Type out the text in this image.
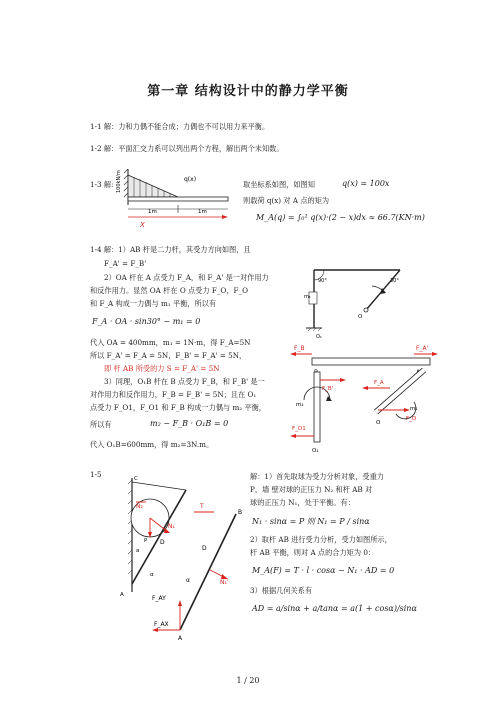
第一章 结构设计中的静力学平衡
1-1 解：力和力偶不能合成；力偶也不可以用力来平衡。
1-2 解：平面汇交力系可以列出两个方程，解出两个未知数。
1-3 解: 100kN/m	q(x)
1m	1m
X
取坐标系如图，如图知	q(x) = 100x
则载荷 q(x) 对 A 点的矩为
M_A(q) = ∫₀¹ q(x)·(2 − x)dx ≈ 66.7(KN·m)
1-4 解：1）AB 杆是二力杆，其受力方向如图，且
F_A' = F_B'
2）OA 杆在 A 点受力 F_A，和 F_A' 是一对作用力
和反作用力。显然 OA 杆在 O 点受力 F_O，F_O
和 F_A 构成一力偶与 m₁ 平衡，所以有
F_A · OA · sin30° − m₁ = 0
代入 OA = 400mm，m₁ = 1N·m，得 F_A=5N
所以 F_A' = F_A = 5N，F_B' = F_A' = 5N，
即 杆 AB 所受的力 S = F_A' = 5N
3）同理，O₁B 杆在 B 点受力 F_B，和 F_B' 是一
对作用力和反作用力，F_B = F_B' = 5N；且在 O₁
点受力 F_O1，F_O1 和 F_B 构成一力偶与 m₂ 平衡，
所以有	m₂ − F_B · O₁B = 0
代入 O₁B=600mm，得 m₂=3N.m。
90°	30°
O
m₁
O₁
F_B	F_A'
m₂
F_B'
F_O1
O₁
F_A
F_O
m₁
O
1-5	C
N₂
N₁
P D
a
T
α
A
B
D
α	N₁'
F_AY
F_AX
A
解：1）首先取球为受力分析对象，受重力
P，墙 壁对球的正压力 N₂ 和杆 AB 对
球的正压力 N₁，处于平衡。有：
N₁ · sinα = P 则 N₁ = P / sinα
2）取杆 AB 进行受力分析，受力如图所示，
杆 AB 平衡，则对 A 点的合力矩为 0：
M_A(F) = T · l · cosα − N₁ · AD = 0
3）根据几何关系有
AD = a/sinα + a/tanα = a(1 + cosα)/sinα
1 / 20
